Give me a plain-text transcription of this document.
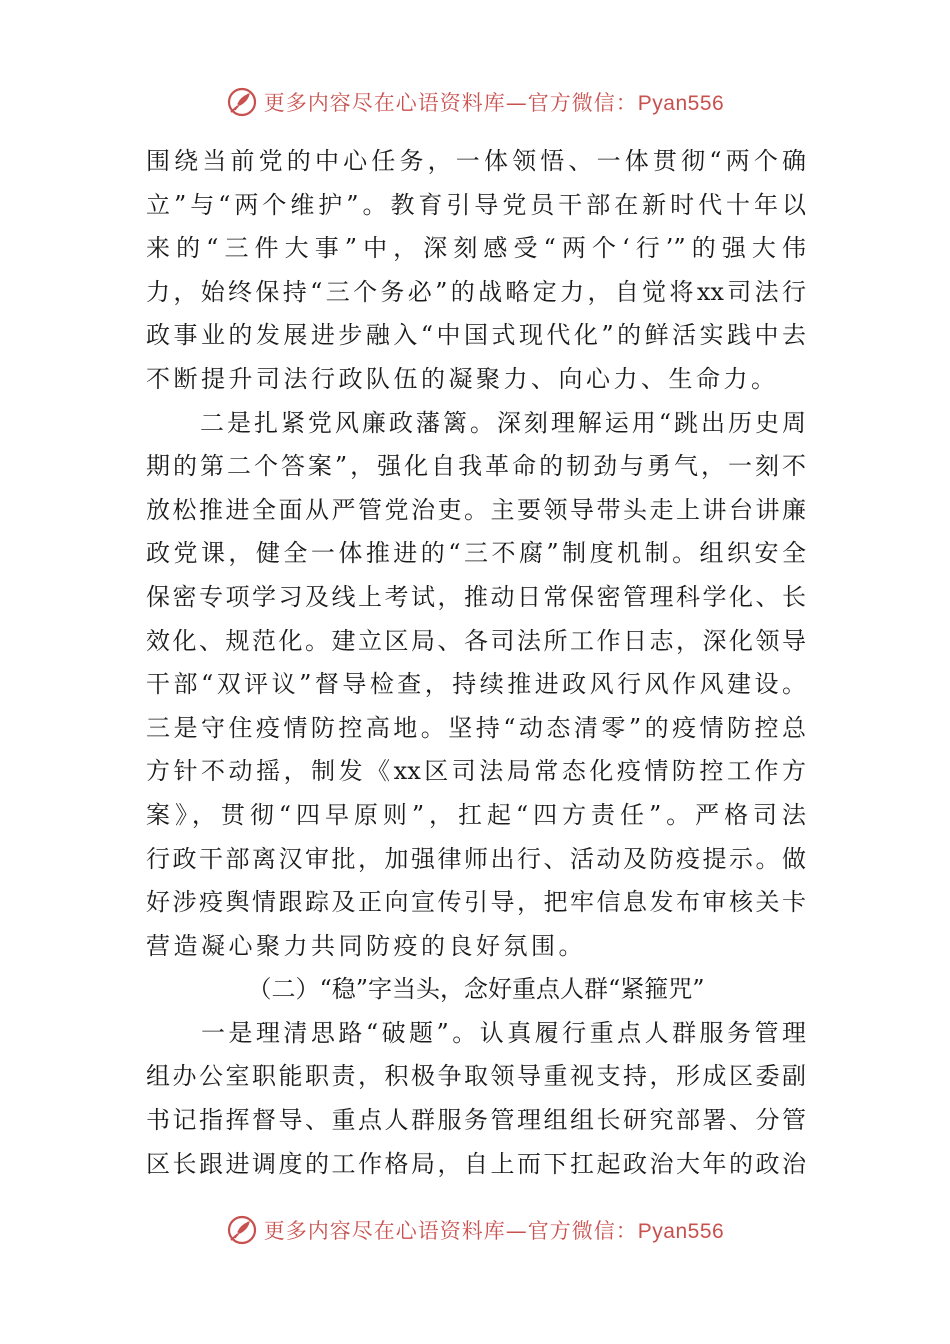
更多内容尽在心语资料库—官方微信：Pyan556
围绕当前党的中心任务，一体领悟、一体贯彻“两个确
立”与“两个维护”。教育引导党员干部在新时代十年以
来的“三件大事”中，深刻感受“两个‘行’”的强大伟
力，始终保持“三个务必”的战略定力，自觉将xx司法行
政事业的发展进步融入“中国式现代化”的鲜活实践中去
不断提升司法行政队伍的凝聚力、向心力、生命力。
　　二是扎紧党风廉政藩篱。深刻理解运用“跳出历史周
期的第二个答案”，强化自我革命的韧劲与勇气，一刻不
放松推进全面从严管党治吏。主要领导带头走上讲台讲廉
政党课，健全一体推进的“三不腐”制度机制。组织安全
保密专项学习及线上考试，推动日常保密管理科学化、长
效化、规范化。建立区局、各司法所工作日志，深化领导
干部“双评议”督导检查，持续推进政风行风作风建设。
三是守住疫情防控高地。坚持“动态清零”的疫情防控总
方针不动摇，制发《xx区司法局常态化疫情防控工作方
案》，贯彻“四早原则”，扛起“四方责任”。严格司法
行政干部离汉审批，加强律师出行、活动及防疫提示。做
好涉疫舆情跟踪及正向宣传引导，把牢信息发布审核关卡
营造凝心聚力共同防疫的良好氛围。
（二）“稳”字当头，念好重点人群“紧箍咒”
　　一是理清思路“破题”。认真履行重点人群服务管理
组办公室职能职责，积极争取领导重视支持，形成区委副
书记指挥督导、重点人群服务管理组组长研究部署、分管
区长跟进调度的工作格局，自上而下扛起政治大年的政治
更多内容尽在心语资料库—官方微信：Pyan556
